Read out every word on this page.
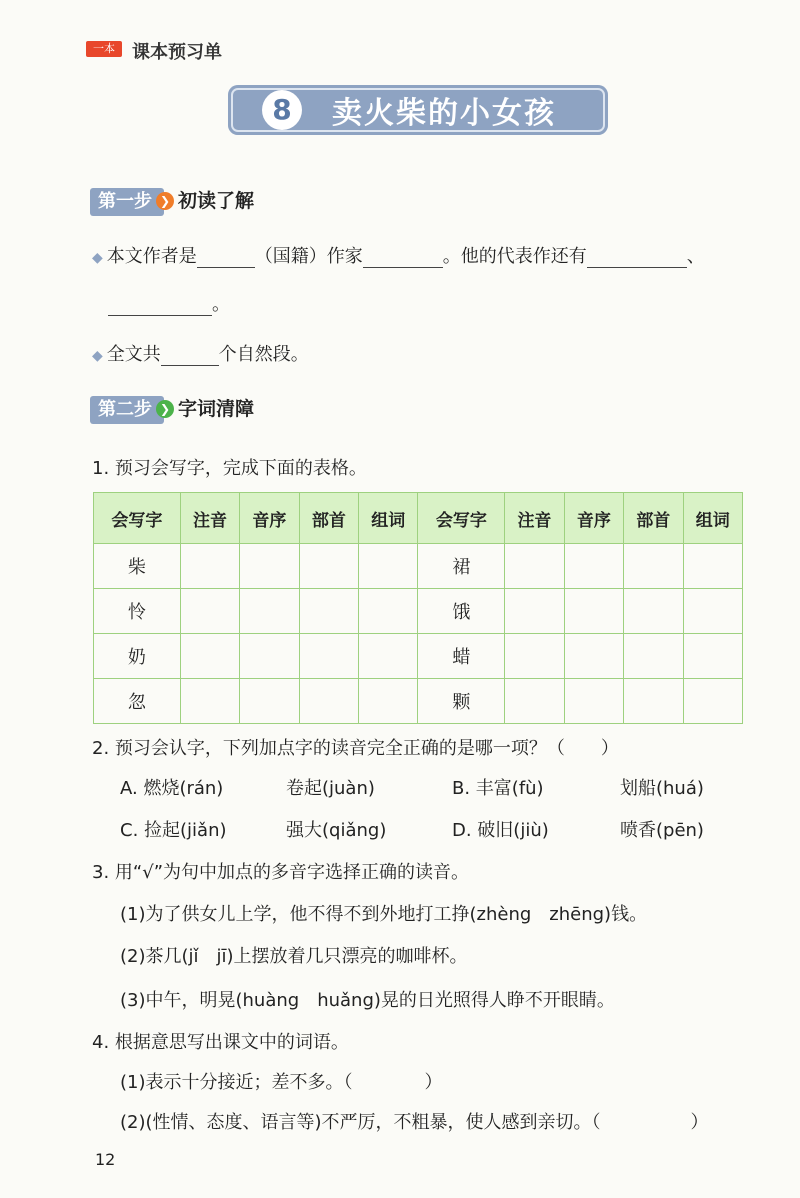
一本 课本预习单
8	卖火柴的小女孩
第一步 ❯ 初读了解
◆ 本文作者是	（国籍）作家	。他的代表作还有	、
。
◆ 全文共	个自然段。
第二步 ❯ 字词清障
1. 预习会写字，完成下面的表格。
会写字	注音	音序	部首	组词	会写字	注音	音序	部首	组词
柴					裙				
怜					饿				
奶					蜡				
忽					颗				
2. 预习会认字，下列加点字的读音完全正确的是哪一项？（　　）
A. 燃烧(rán)	卷起(juàn)	B. 丰富(fù)	划船(huá)
C. 捡起(jiǎn)	强大(qiǎng)	D. 破旧(jiù)	喷香(pēn)
3. 用“√”为句中加点的多音字选择正确的读音。
(1)为了供女儿上学，他不得不到外地打工挣(zhèng　zhēng)钱。
(2)茶几(jǐ　jī)上摆放着几只漂亮的咖啡杯。
(3)中午，明晃(huàng　huǎng)晃的日光照得人睁不开眼睛。
4. 根据意思写出课文中的词语。
(1)表示十分接近；差不多。（　　　　）
(2)(性情、态度、语言等)不严厉，不粗暴，使人感到亲切。（　　　　　）
12
